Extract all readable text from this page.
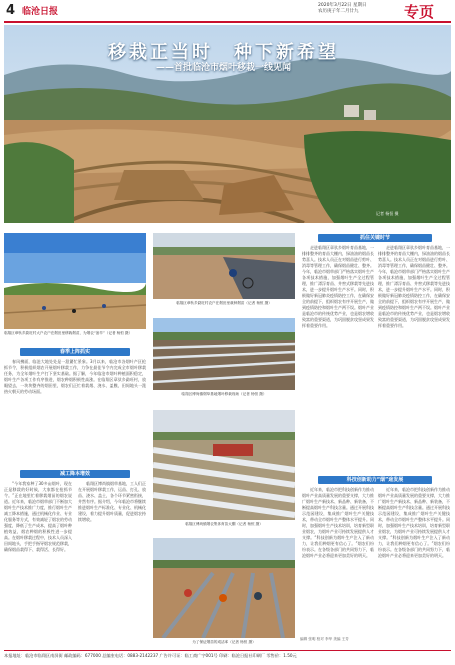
4 临沧日报
2020年3月22日 星期日
农历庚子年二月廿九	专页
移栽正当时　种下新希望
——首批临沧市烟叶移栽一线见闻
记者 杨恒 摄
临翔区章驮乡勐旺村大户农户在烟田里移栽烟苗，为烟农“备早”（记者 杨恒 摄）
春季上阵抓实

春风拂面，临沧大地处处是一派繁忙景象。3月以来，临沧市各烟叶产区抢抓节令，积极组织烟农开展烟叶移栽工作，力争在最佳节令内完成全市烟叶移栽任务，为全年烟叶生产打下坚实基础。据了解，今年临沧市烟叶种植面积稳定，烟叶生产各项工作有序推进，烟农种烟积极性高涨。在临翔区章驮乡勐旺村，放眼望去，一块块整齐的烟田里，烟农们正忙着栽烟、浇水、盖膜，田间地头一派热火朝天的劳动场面。

减工降本增效

“今年我家种了30多亩烟叶，现在正是移栽的好时候，大家都在抢抓节令。”正在地里忙着移栽烟苗的烟农说道。近年来，临沧市烟草部门不断加大烟叶生产技术推广力度，推行烟叶生产减工降本措施，通过机械化作业、专业化服务等方式，有效减轻了烟农的劳动强度，降低了生产成本，提高了烟叶种植效益，烟农种烟的积极性进一步提高。在烟叶移栽过程中，技术人员深入田间地头，手把手指导烟农规范移栽，确保烟苗栽得下、栽得活、长得好。

临翔区博尚镇烟草基地，工人们正在开展烟叶移栽工作，运苗、打孔、放苗、浇水、盖土，各个环节紧密衔接，井然有序。据介绍，今年临沧市将继续推进烟叶生产标准化、专业化、机械化建设，着力提升烟叶质量，促进烟农持续增收。

临翔区章驮乡勐旺村农户在烟田里栽种烟苗（记者 杨恒 摄）
临翔区博尚镇烟草基地烟叶移栽现场（记者 杨恒 摄）
临翔区博尚镇烟农集体育苗大棚（记者 杨恒 摄）
为了保证烟苗的成活率（记者 杨恒 摄）
抓住关键时节

走进临翔区章驮乡烟叶育苗基地，一排排整齐的育苗大棚内，绿油油的烟苗长势喜人。技术人员正在对烟苗进行剪叶、消毒等管理工作，确保烟苗健壮、整齐。今年，临沧市烟草部门严格落实烟叶生产各项技术措施，加强烟叶生产全过程管理，推广漂浮育苗、井窖式移栽等先进技术，进一步提升烟叶生产水平。同时，积极做好新冠肺炎疫情防控工作，在确保安全的前提下，组织烟农有序开展生产，做到疫情防控和烟叶生产两不误。烟叶产业是临沧市的传统优势产业，也是烟农增收致富的重要渠道，为巩固脱贫攻坚成果发挥着重要作用。

走进临翔区章驮乡烟叶育苗基地，一排排整齐的育苗大棚内，绿油油的烟苗长势喜人。技术人员正在对烟苗进行剪叶、消毒等管理工作，确保烟苗健壮、整齐。今年，临沧市烟草部门严格落实烟叶生产各项技术措施，加强烟叶生产全过程管理，推广漂浮育苗、井窖式移栽等先进技术，进一步提升烟叶生产水平。同时，积极做好新冠肺炎疫情防控工作，在确保安全的前提下，组织烟农有序开展生产，做到疫情防控和烟叶生产两不误。烟叶产业是临沧市的传统优势产业，也是烟农增收致富的重要渠道，为巩固脱贫攻坚成果发挥着重要作用。

科技创新助力“烟”途发展

近年来，临沧市把科技创新作为推动烟叶产业高质量发展的重要支撑，大力推广烟叶生产新技术、新品种、新装备，不断提高烟叶生产科技含量。通过开展科技示范园建设，集成推广烟叶生产关键技术，带动全市烟叶生产整体水平提升。同时，加强烟叶生产技术培训，培育新型职业烟农，为烟叶产业可持续发展提供人才支撑。“科技创新为烟叶生产注入了新动力，让我们种烟更有信心了。”烟农们纷纷表示。在各级各部门的共同努力下，临沧烟叶产业必将迎来更加美好的明天。

近年来，临沧市把科技创新作为推动烟叶产业高质量发展的重要支撑，大力推广烟叶生产新技术、新品种、新装备，不断提高烟叶生产科技含量。通过开展科技示范园建设，集成推广烟叶生产关键技术，带动全市烟叶生产整体水平提升。同时，加强烟叶生产技术培训，培育新型职业烟农，为烟叶产业可持续发展提供人才支撑。“科技创新为烟叶生产注入了新动力，让我们种烟更有信心了。”烟农们纷纷表示。在各级各部门的共同努力下，临沧烟叶产业必将迎来更加美好的明天。

编辑 张明 校对 李华 美编 王芳
本报地址：临沧市临翔区南屏街 邮政编码：677000 总编室电话：0883-2142237 广告许可证：临工商广字001号 印刷：临沧日报社印刷厂 零售价：1.50元
